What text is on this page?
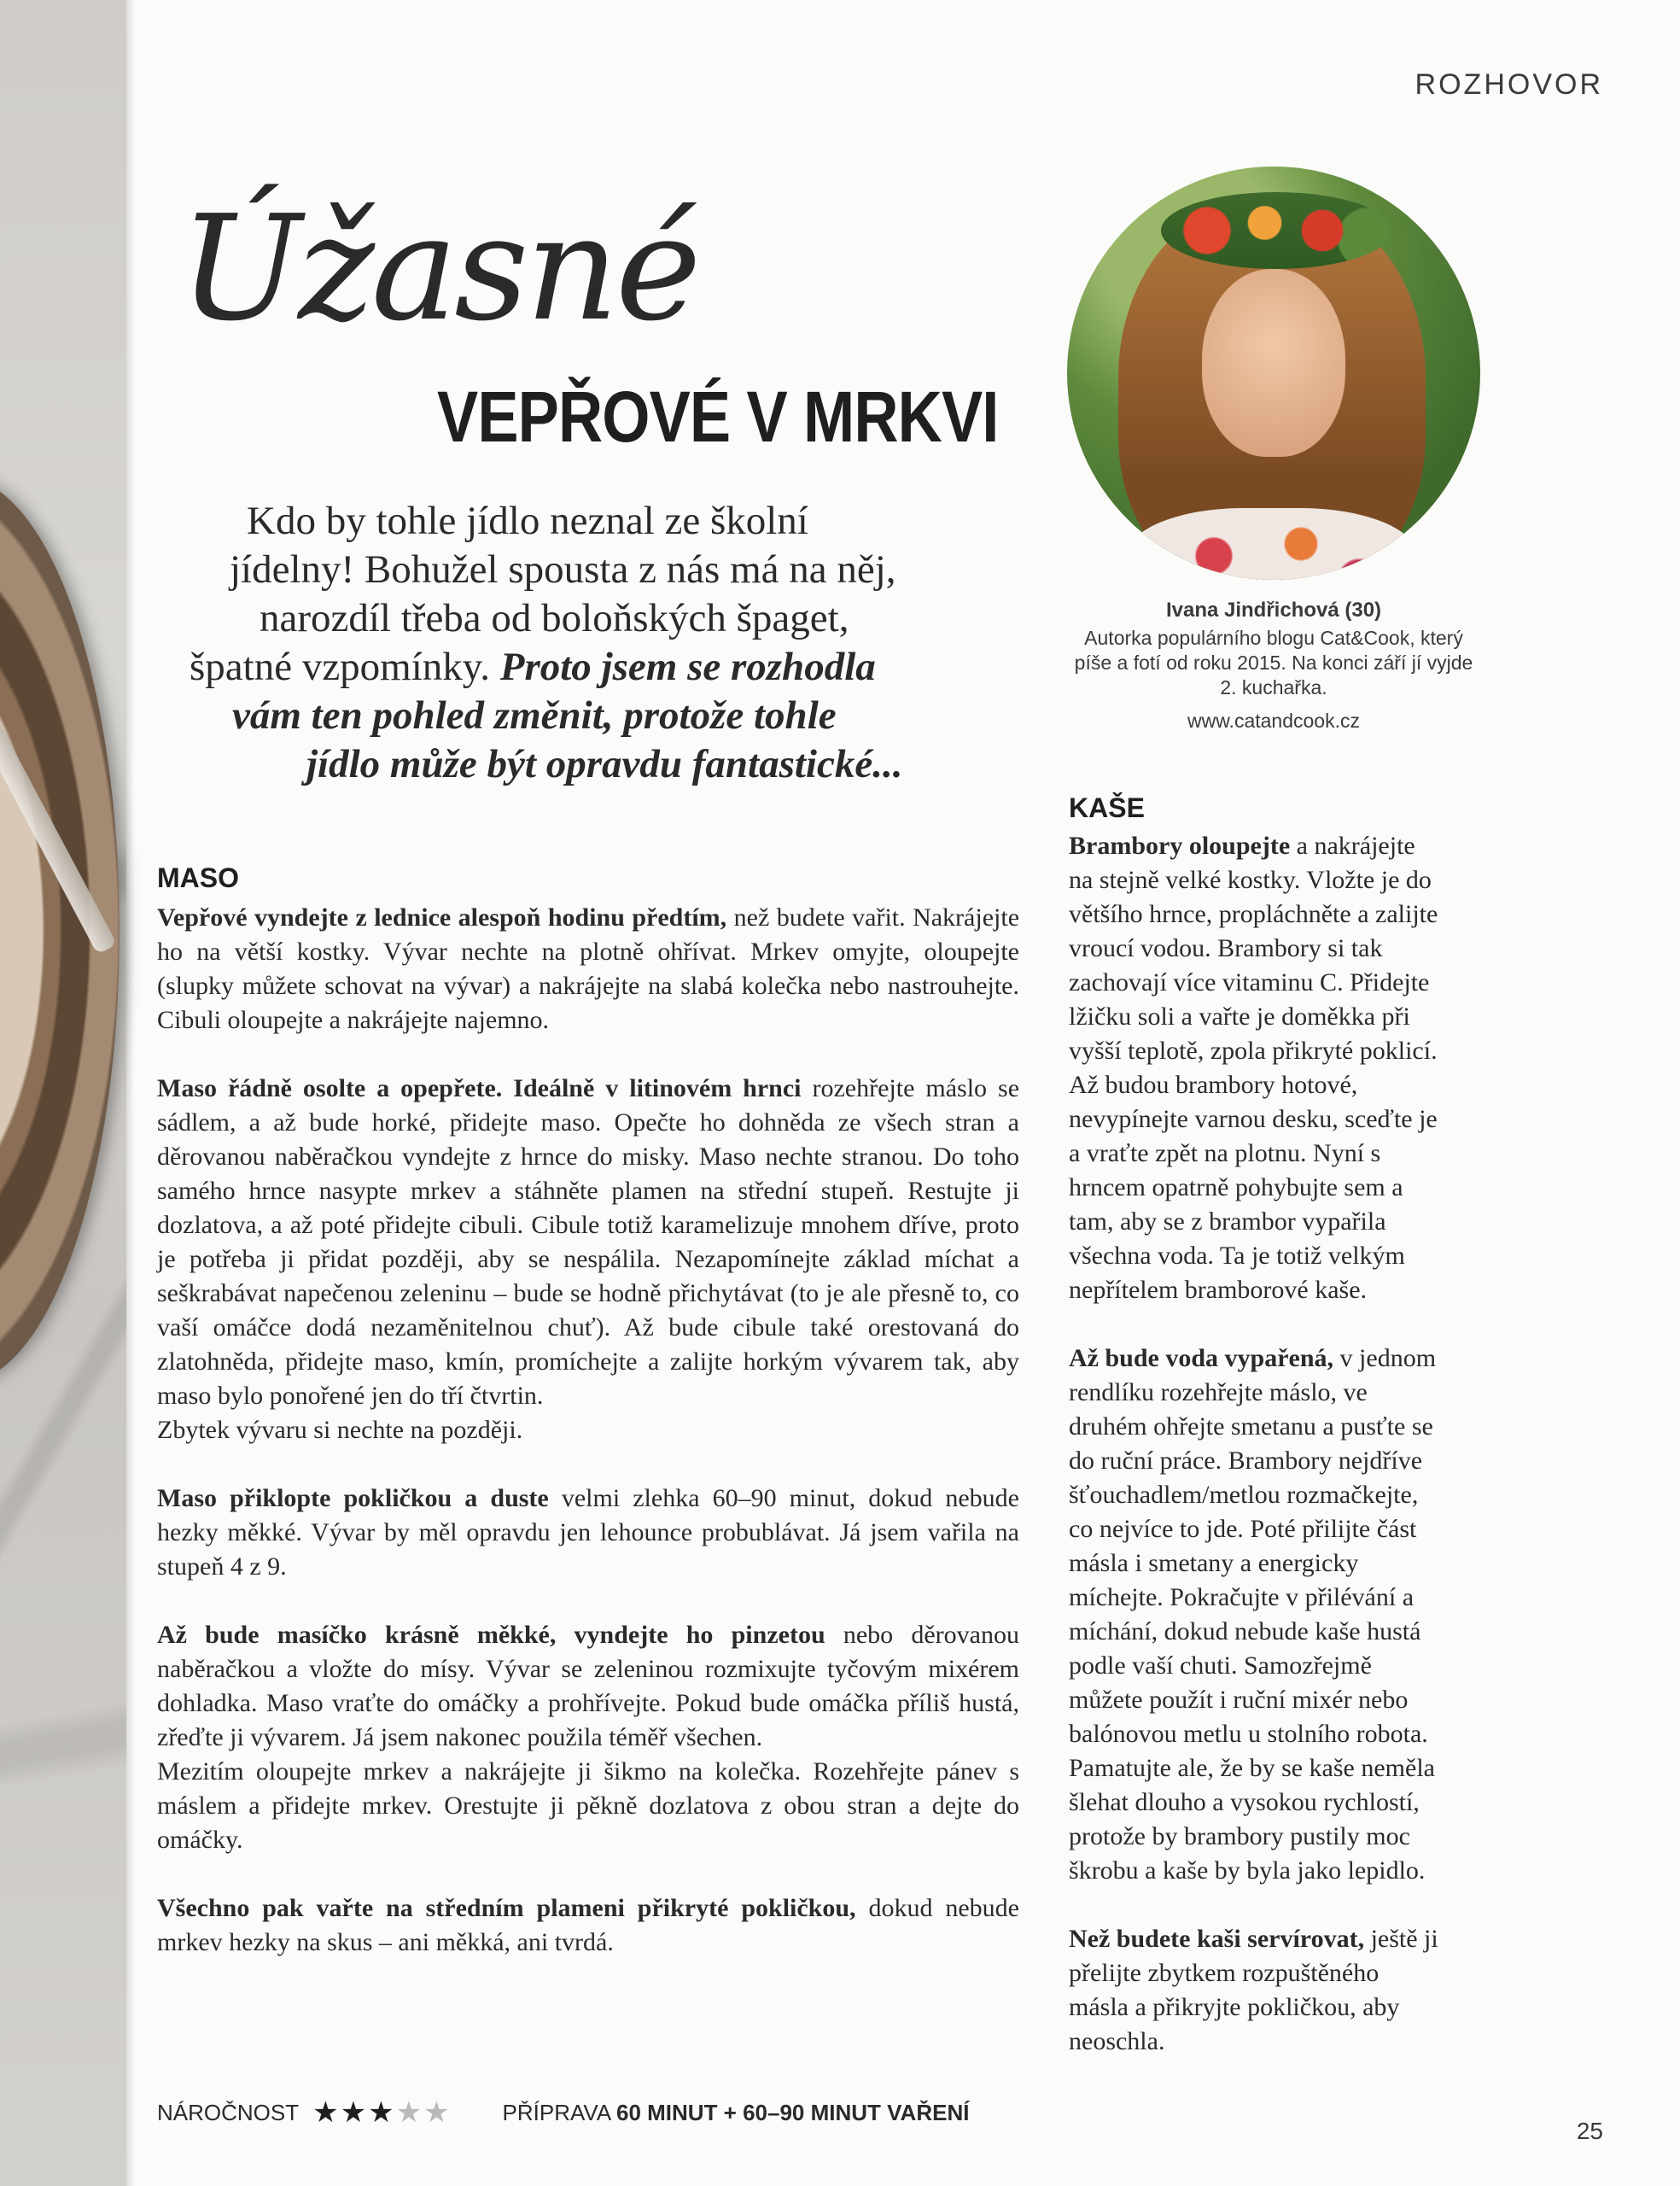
ROZHOVOR
Úžasné
VEPŘOVÉ V MRKVI
Kdo by tohle jídlo neznal ze školní
jídelny! Bohužel spousta z nás má na něj,
narozdíl třeba od boloňských špaget,
špatné vzpomínky. Proto jsem se rozhodla
vám ten pohled změnit, protože tohle
jídlo může být opravdu fantastické...
Ivana Jindřichová (30)
Autorka populárního blogu Cat&Cook, který píše a fotí od roku 2015. Na konci září jí vyjde 2. kuchařka.
www.catandcook.cz

MASO

Vepřové vyndejte z lednice alespoň hodinu předtím, než budete vařit. Nakrájejte ho na větší kostky. Vývar nechte na plotně ohřívat. Mrkev omyjte, oloupejte (slupky můžete schovat na vývar) a nakrájejte na slabá kolečka nebo nastrouhejte. Cibuli oloupejte a nakrájejte najemno.

Maso řádně osolte a opepřete. Ideálně v litinovém hrnci rozehřejte máslo se sádlem, a až bude horké, přidejte maso. Opečte ho dohněda ze všech stran a děrovanou naběračkou vyndejte z hrnce do misky. Maso nechte stranou. Do toho samého hrnce nasypte mrkev a stáhněte plamen na střední stupeň. Restujte ji dozlatova, a až poté přidejte cibuli. Cibule totiž karamelizuje mnohem dříve, proto je potřeba ji přidat později, aby se nespálila. Nezapomínejte základ míchat a seškrabávat napečenou zeleninu – bude se hodně přichytávat (to je ale přesně to, co vaší omáčce dodá nezaměnitelnou chuť). Až bude cibule také orestovaná do zlatohněda, přidejte maso, kmín, promíchejte a zalijte horkým vývarem tak, aby maso bylo ponořené jen do tří čtvrtin.
Zbytek vývaru si nechte na později.

Maso přiklopte pokličkou a duste velmi zlehka 60–90 minut, dokud nebude hezky měkké. Vývar by měl opravdu jen lehounce probublávat. Já jsem vařila na stupeň 4 z 9.

Až bude masíčko krásně měkké, vyndejte ho pinzetou nebo děrovanou naběračkou a vložte do mísy. Vývar se zeleninou rozmixujte tyčovým mixérem dohladka. Maso vraťte do omáčky a prohřívejte. Pokud bude omáčka příliš hustá, zřeďte ji vývarem. Já jsem nakonec použila téměř všechen.
Mezitím oloupejte mrkev a nakrájejte ji šikmo na kolečka. Rozehřejte pánev s máslem a přidejte mrkev. Orestujte ji pěkně dozlatova z obou stran a dejte do omáčky.

Všechno pak vařte na středním plameni přikryté pokličkou, dokud nebude mrkev hezky na skus – ani měkká, ani tvrdá.

KAŠE

Brambory oloupejte a nakrájejte na stejně velké kostky. Vložte je do většího hrnce, propláchněte a zalijte vroucí vodou. Brambory si tak zachovají více vitaminu C. Přidejte lžičku soli a vařte je doměkka při vyšší teplotě, zpola přikryté poklicí. Až budou brambory hotové, nevypínejte varnou desku, sceďte je a vraťte zpět na plotnu. Nyní s hrncem opatrně pohybujte sem a tam, aby se z brambor vypařila všechna voda. Ta je totiž velkým nepřítelem bramborové kaše.

Až bude voda vypařená, v jednom rendlíku rozehřejte máslo, ve druhém ohřejte smetanu a pusťte se do ruční práce. Brambory nejdříve šťouchadlem/metlou rozmačkejte, co nejvíce to jde. Poté přilijte část másla i smetany a energicky míchejte. Pokračujte v přilévání a míchání, dokud nebude kaše hustá podle vaší chuti. Samozřejmě můžete použít i ruční mixér nebo balónovou metlu u stolního robota. Pamatujte ale, že by se kaše neměla šlehat dlouho a vysokou rychlostí, protože by brambory pustily moc škrobu a kaše by byla jako lepidlo.

Než budete kaši servírovat, ještě ji přelijte zbytkem rozpuštěného másla a přikryjte pokličkou, aby neoschla.

NÁROČNOST ★★★★★ PŘÍPRAVA 60 MINUT + 60–90 MINUT VAŘENÍ
25
